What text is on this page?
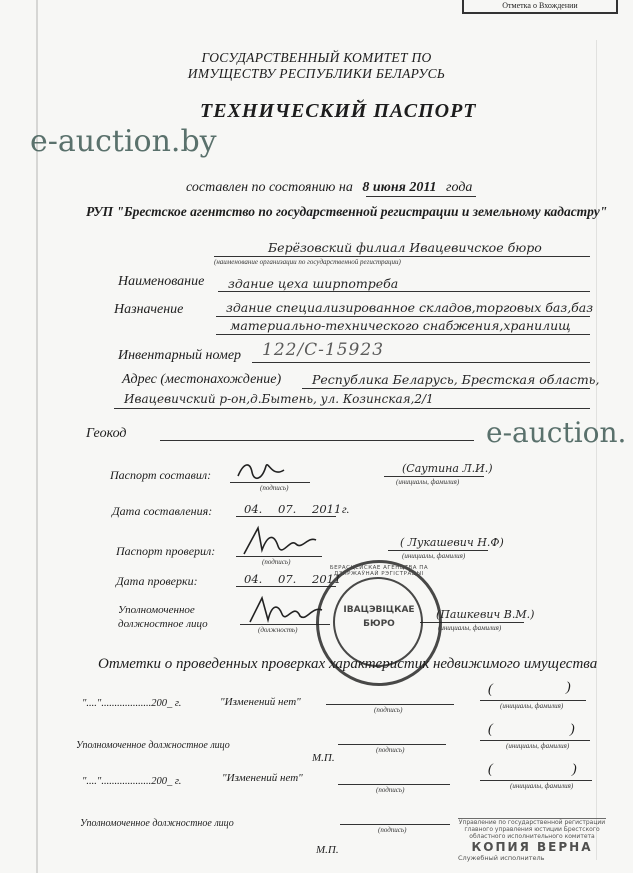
Отметка о Вхождении
ГОСУДАРСТВЕННЫЙ КОМИТЕТ ПО
ИМУЩЕСТВУ РЕСПУБЛИКИ БЕЛАРУСЬ
ТЕХНИЧЕСКИЙ ПАСПОРТ
e-auction.by
составлен по состоянию на 8 июня 2011 года
РУП "Брестское агентство по государственной регистрации и земельному кадастру"
Берёзовский филиал Ивацевичское бюро
(наименование организации по государственной регистрации)
Наименование здание цеха ширпотреба
Назначение	здание специализированное складов,торговых баз,баз
материально-технического снабжения,хранилищ
Инвентарный номер 122/С-15923
Адрес (местонахождение) Республика Беларусь, Брестская область,
Ивацевичский р-он,д.Бытень, ул. Козинская,2/1
Геокод	e-auction.
Паспорт составил:
(подпись)
(Саутина Л.И.)
(инициалы, фамилия)
Дата составления:	04. 07. 2011 г.
Паспорт проверил:
(подпись)
( Лукашевич Н.Ф)
(инициалы, фамилия)
Дата проверки:	04. 07. 2011
Уполномоченное
должностное лицо	(должность)
(Пашкевич В.М.)
(инициалы, фамилия)
ІВАЦЭВІЦКАЕ
БЮРО
БЕРАСЦЕЙСКАЕ АГЕНЦТВА ПА ДЗЯРЖАЎНАЙ РЭГІСТРАЦЫІ
Отметки о проведенных проверках характеристик недвижимого имущества
"...."...................200_ г.	"Изменений нет"
(подпись)
(	)
(инициалы, фамилия)
Уполномоченное должностное лицо	(подпись)
М.П.
(	)
(инициалы, фамилия)
"...."...................200_ г.	"Изменений нет"
(подпись)
(	)
(инициалы, фамилия)
Уполномоченное должностное лицо
(подпись)
М.П.
Управление по государственной регистрации
главного управления юстиции Брестского
областного исполнительного комитета
КОПИЯ ВЕРНА
Служебный исполнитель
